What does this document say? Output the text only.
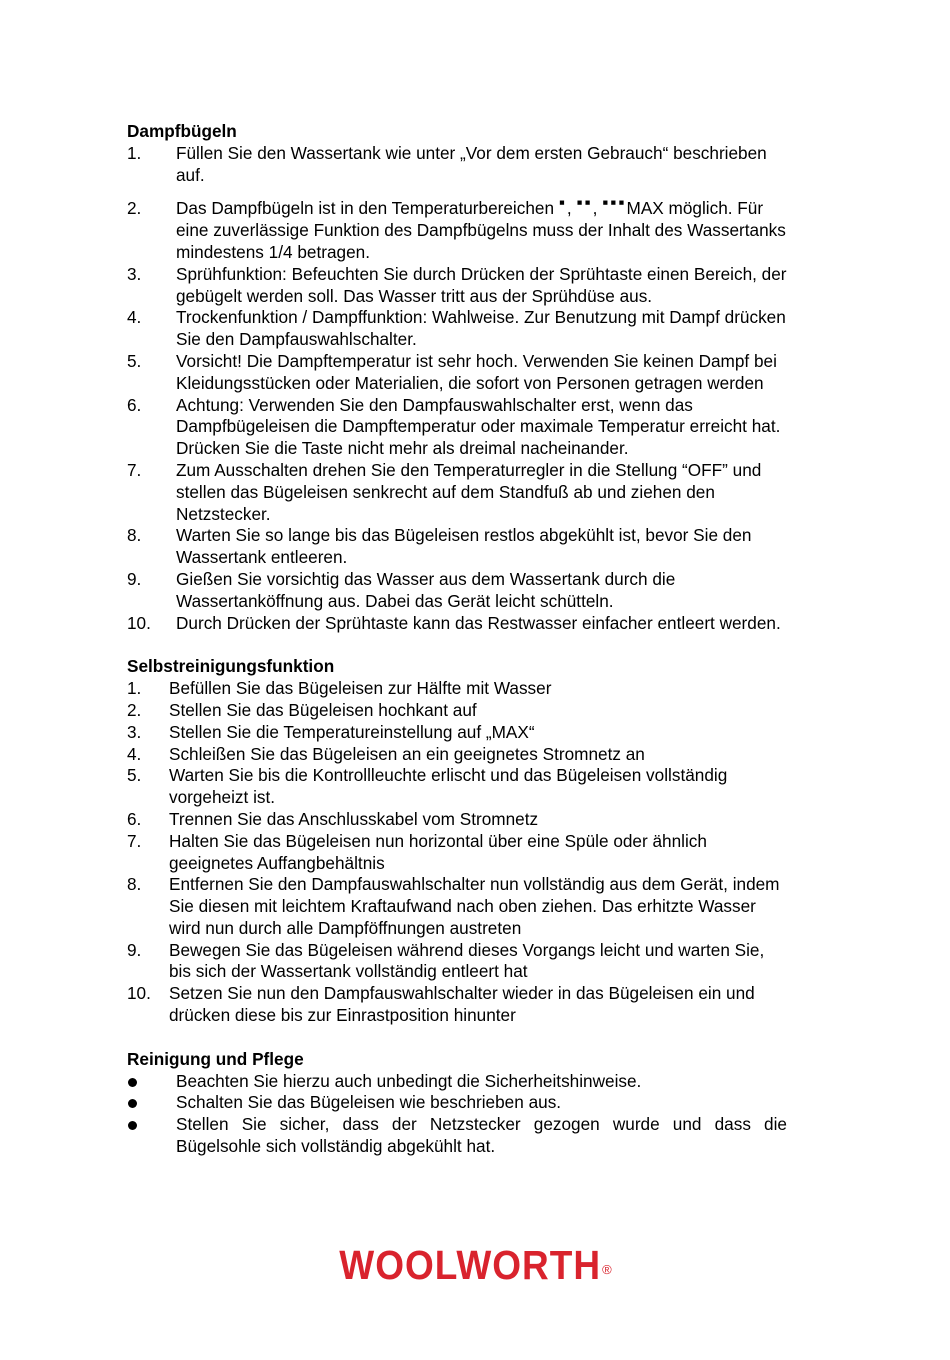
Dampfbügeln

1.	Füllen Sie den Wassertank wie unter „Vor dem ersten Gebrauch“ beschrieben auf.
2.	Das Dampfbügeln ist in den Temperaturbereichen ▪, ▪▪, ▪▪▪MAX möglich. Für eine zuverlässige Funktion des Dampfbügelns muss der Inhalt des Wassertanks mindestens 1/4 betragen.
3.	Sprühfunktion: Befeuchten Sie durch Drücken der Sprühtaste einen Bereich, der gebügelt werden soll. Das Wasser tritt aus der Sprühdüse aus.
4.	Trockenfunktion / Dampffunktion: Wahlweise. Zur Benutzung mit Dampf drücken Sie den Dampfauswahlschalter.
5.	Vorsicht! Die Dampftemperatur ist sehr hoch. Verwenden Sie keinen Dampf bei Kleidungsstücken oder Materialien, die sofort von Personen getragen werden
6.	Achtung: Verwenden Sie den Dampfauswahlschalter erst, wenn das Dampfbügeleisen die Dampftemperatur oder maximale Temperatur erreicht hat. Drücken Sie die Taste nicht mehr als dreimal nacheinander.
7.	Zum Ausschalten drehen Sie den Temperaturregler in die Stellung “OFF” und stellen das Bügeleisen senkrecht auf dem Standfuß ab und ziehen den Netzstecker.
8.	Warten Sie so lange bis das Bügeleisen restlos abgekühlt ist, bevor Sie den Wassertank entleeren.
9.	Gießen Sie vorsichtig das Wasser aus dem Wassertank durch die Wassertanköffnung aus. Dabei das Gerät leicht schütteln.
10.	Durch Drücken der Sprühtaste kann das Restwasser einfacher entleert werden.

Selbstreinigungsfunktion

1.	Befüllen Sie das Bügeleisen zur Hälfte mit Wasser
2.	Stellen Sie das Bügeleisen hochkant auf
3.	Stellen Sie die Temperatureinstellung auf „MAX“
4.	Schleißen Sie das Bügeleisen an ein geeignetes Stromnetz an
5.	Warten Sie bis die Kontrollleuchte erlischt und das Bügeleisen vollständig vorgeheizt ist.
6.	Trennen Sie das Anschlusskabel vom Stromnetz
7.	Halten Sie das Bügeleisen nun horizontal über eine Spüle oder ähnlich geeignetes Auffangbehältnis
8.	Entfernen Sie den Dampfauswahlschalter nun vollständig aus dem Gerät, indem Sie diesen mit leichtem Kraftaufwand nach oben ziehen. Das erhitzte Wasser wird nun durch alle Dampföffnungen austreten
9.	Bewegen Sie das Bügeleisen während dieses Vorgangs leicht und warten Sie, bis sich der Wassertank vollständig entleert hat
10.	Setzen Sie nun den Dampfauswahlschalter wieder in das Bügeleisen ein und drücken diese bis zur Einrastposition hinunter

Reinigung und Pflege

Beachten Sie hierzu auch unbedingt die Sicherheitshinweise.
Schalten Sie das Bügeleisen wie beschrieben aus.
Stellen Sie sicher, dass der Netzstecker gezogen wurde und dass die Bügelsohle sich vollständig abgekühlt hat.
WOOLWORTH®
